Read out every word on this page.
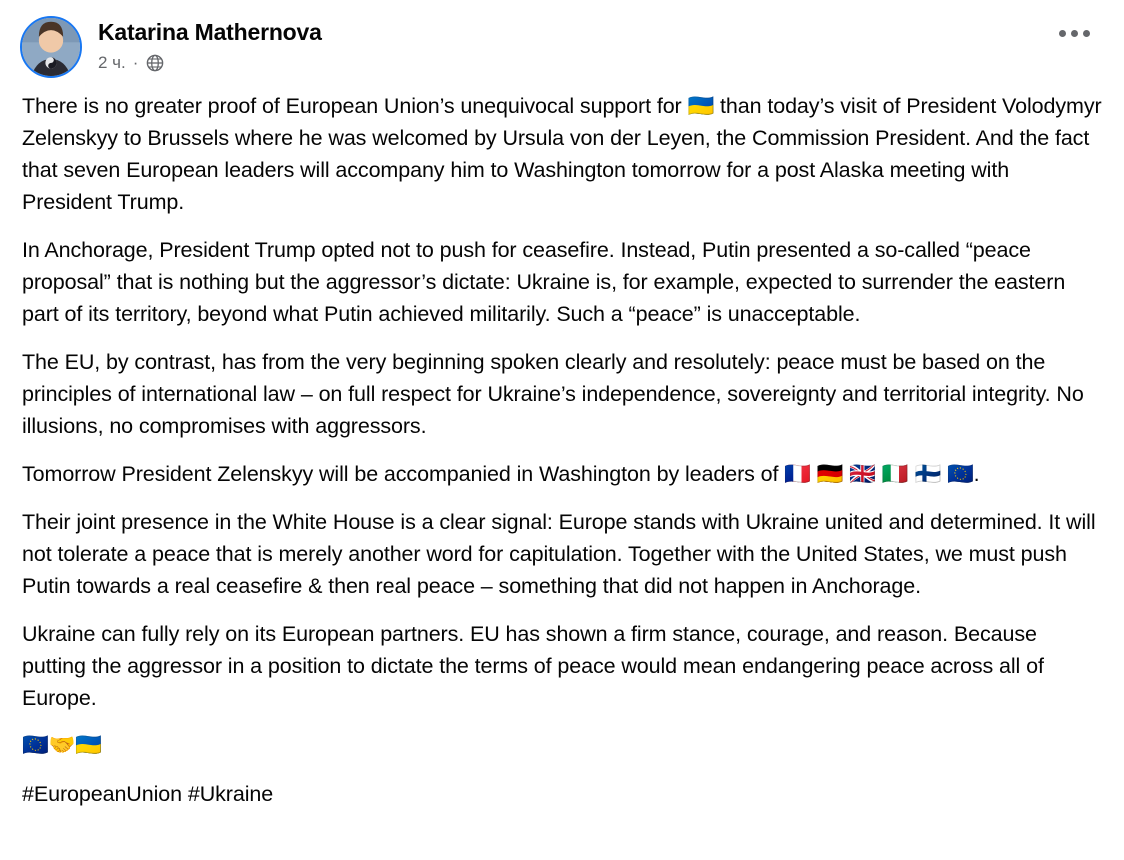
Katarina Mathernova
2 ч. ·

There is no greater proof of European Union’s unequivocal support for 🇺🇦 than today’s visit of President Volodymyr Zelenskyy to Brussels where he was welcomed by Ursula von der Leyen, the Commission President. And the fact that seven European leaders will accompany him to Washington tomorrow for a post Alaska meeting with President Trump.

In Anchorage, President Trump opted not to push for ceasefire. Instead, Putin presented a so-called “peace proposal” that is nothing but the aggressor’s dictate: Ukraine is, for example, expected to surrender the eastern part of its territory, beyond what Putin achieved militarily. Such a “peace” is unacceptable.

The EU, by contrast, has from the very beginning spoken clearly and resolutely: peace must be based on the principles of international law – on full respect for Ukraine’s independence, sovereignty and territorial integrity. No illusions, no compromises with aggressors.

Tomorrow President Zelenskyy will be accompanied in Washington by leaders of 🇫🇷 🇩🇪 🇬🇧 🇮🇹 🇫🇮 🇪🇺.

Their joint presence in the White House is a clear signal: Europe stands with Ukraine united and determined. It will not tolerate a peace that is merely another word for capitulation. Together with the United States, we must push Putin towards a real ceasefire & then real peace – something that did not happen in Anchorage.

Ukraine can fully rely on its European partners. EU has shown a firm stance, courage, and reason. Because putting the aggressor in a position to dictate the terms of peace would mean endangering peace across all of Europe.

🇪🇺🤝🇺🇦

#EuropeanUnion #Ukraine
